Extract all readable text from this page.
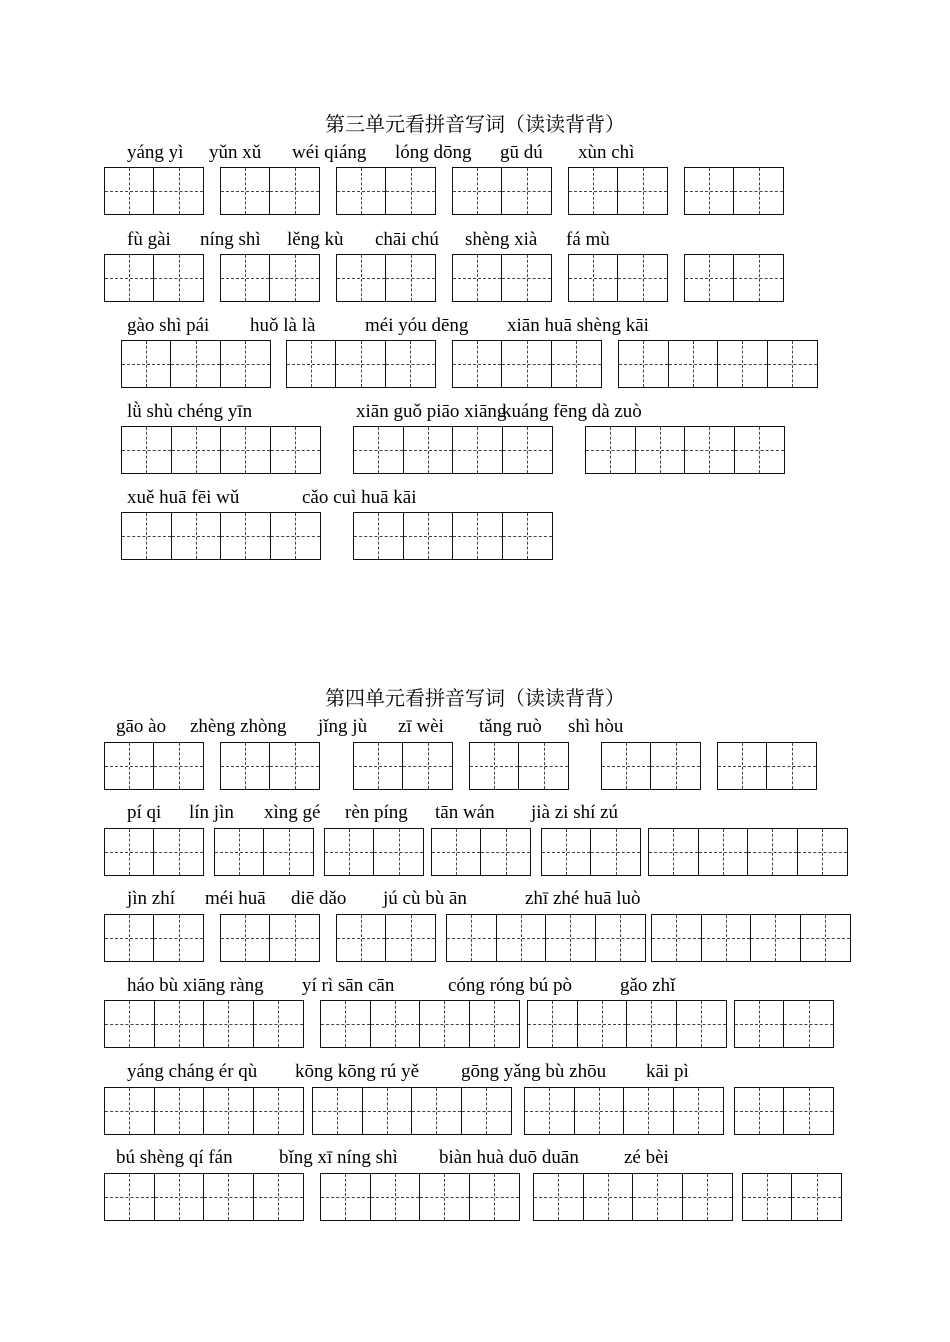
第三单元看拼音写词（读读背背）
第四单元看拼音写词（读读背背）
yáng yì yǔn xǔ wéi qiáng lóng dōng gū dú xùn chì
fù gài níng shì lěng kù chāi chú shèng xià fá mù
gào shì pái huǒ là là	méi yóu dēng xiān huā shèng kāi
lǜ shù chéng yīn	xiān guǒ piāo xiāng
kuáng fēng dà zuò
xuě huā fēi wǔ	cǎo cuì huā kāi
gāo ào zhèng zhòng jǐng jù zī wèi tǎng ruò shì hòu
pí qi lín jìn xìng gé rèn píng tān wán jià zi shí zú
jìn zhí méi huā diē dǎo jú cù bù ān	zhī zhé huā luò
háo bù xiāng ràng yí rì sān cān	cóng róng bú pò	gǎo zhǐ
yáng cháng ér qù kōng kōng rú yě gōng yǎng bù zhōu kāi pì
bú shèng qí fán bǐng xī níng shì biàn huà duō duān zé bèi
